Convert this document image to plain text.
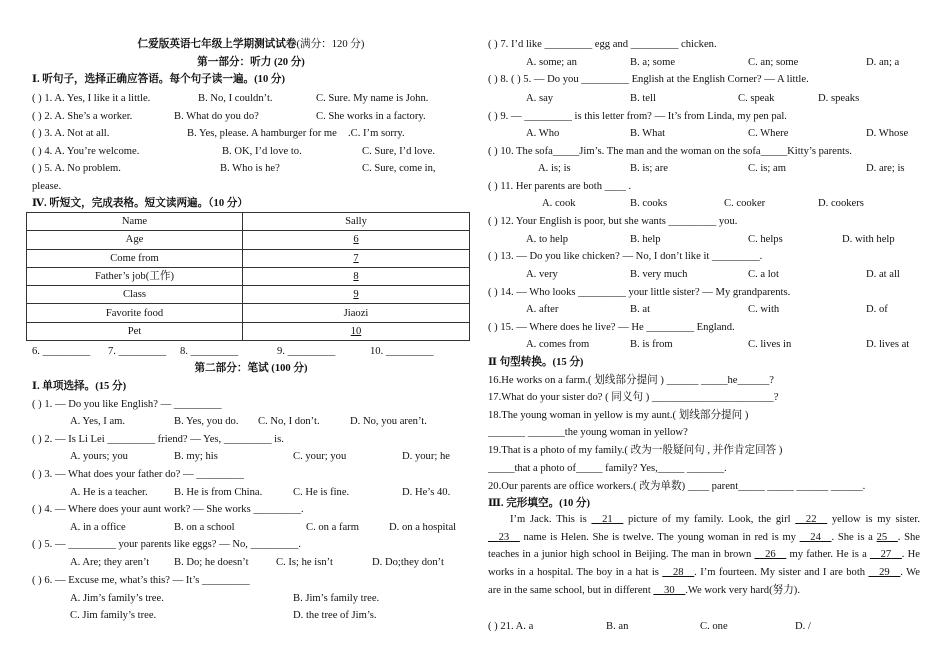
仁爱版英语七年级上学期测试试卷(满分：120 分)
第一部分：听力 (20 分)
Ⅰ. 听句子，选择正确应答语。每个句子读一遍。(10 分)
( ) 1. A. Yes, I like it a little.	B. No, I couldn’t.	C. Sure. My name is John.
( ) 2. A. She’s a worker.	B. What do you do?	C. She works in a factory.
( ) 3. A. Not at all.	B. Yes, please. A hamburger for me .C. I’m sorry.
( ) 4. A. You’re welcome.	B. OK, I’d love to.	C. Sure, I’d love.
( ) 5. A. No problem.	B. Who is he?	C. Sure, come in,
please.
Ⅳ. 听短文，完成表格。短文读两遍。（10 分）
Name	Sally
Age	6
Come from	7
Father’s job(工作)	8
Class	9
Favorite food	Jiaozi
Pet	10
6. _________ 7. _________ 8. _________	9. _________	10. _________
第二部分：笔试 (100 分)
Ⅰ. 单项选择。(15 分)
( ) 1. — Do you like English? — _________
A. Yes, I am.	B. Yes, you do. C. No, I don’t.	D. No, you aren’t.
( ) 2. — Is Li Lei _________ friend? — Yes, _________ is.
A. yours; you	B. my; his	C. your; you	D. your; he
( ) 3. — What does your father do? — _________
A. He is a teacher. B. He is from China.	C. He is fine.	D. He’s 40.
( ) 4. — Where does your aunt work? — She works _________.
A. in a office	B. on a school	C. on a farm	D. on a hospital
( ) 5. — _________ your parents like eggs? — No, _________.
A. Are; they aren’t B. Do; he doesn’t	C. Is; he isn’t	D. Do;they don’t
( ) 6. — Excuse me, what’s this? — It’s _________
A. Jim’s family’s tree.	B. Jim’s family tree.
C. Jim family’s tree.	D. the tree of Jim’s.
( ) 7. I’d like _________ egg and _________ chicken.
A. some; an	B. a; some	C. an; some	D. an; a
( ) 8. ( ) 5. — Do you _________ English at the English Corner? — A little.
A. say	B. tell	C. speak	D. speaks
( ) 9. — _________ is this letter from? — It’s from Linda, my pen pal.
A. Who	B. What	C. Where	D. Whose
( ) 10. The sofa_____Jim’s. The man and the woman on the sofa_____Kitty’s parents.
A. is; is	B. is; are	C. is; am	D. are; is
( ) 11. Her parents are both ____ .
A. cook	B. cooks	C. cooker	D. cookers
( ) 12. Your English is poor, but she wants _________ you.
A. to help	B. help	C. helps	D. with help
( ) 13. — Do you like chicken? — No, I don’t like it _________.
A. very	B. very much	C. a lot	D. at all
( ) 14. — Who looks _________ your little sister? — My grandparents.
A. after	B. at	C. with	D. of
( ) 15. — Where does he live? — He _________ England.
A. comes from	B. is from	C. lives in	D. lives at
Ⅱ 句型转换。(15 分)
16.He works on a farm.( 划线部分提问 ) ______ _____he______?
17.What do your sister do? ( 同义句 ) _______________________?
18.The young woman in yellow is my aunt.( 划线部分提问 )
_______ _______the young woman in yellow?
19.That is a photo of my family.( 改为一般疑问句 , 并作肯定回答 )
_____that a photo of_____ family? Yes,_____ _______.
20.Our parents are office workers.( 改为单数) ____ parent_____ _____ ______ ______.
Ⅲ. 完形填空。(10 分)
I’m Jack. This is __21__ picture of my family. Look, the girl __22__ yellow is my sister. __23__ name is Helen. She is twelve. The young woman in red is my __24__. She is a 25__. She teaches in a junior high school in Beijing. The man in brown __26__ my father. He is a __27__. He works in a hospital. The boy in a hat is __28__. I’m fourteen. My sister and I are both __29__. We are in the same school, but in different __30__.We work very hard(努力).
( ) 21. A. a	B. an	C. one	D. /
